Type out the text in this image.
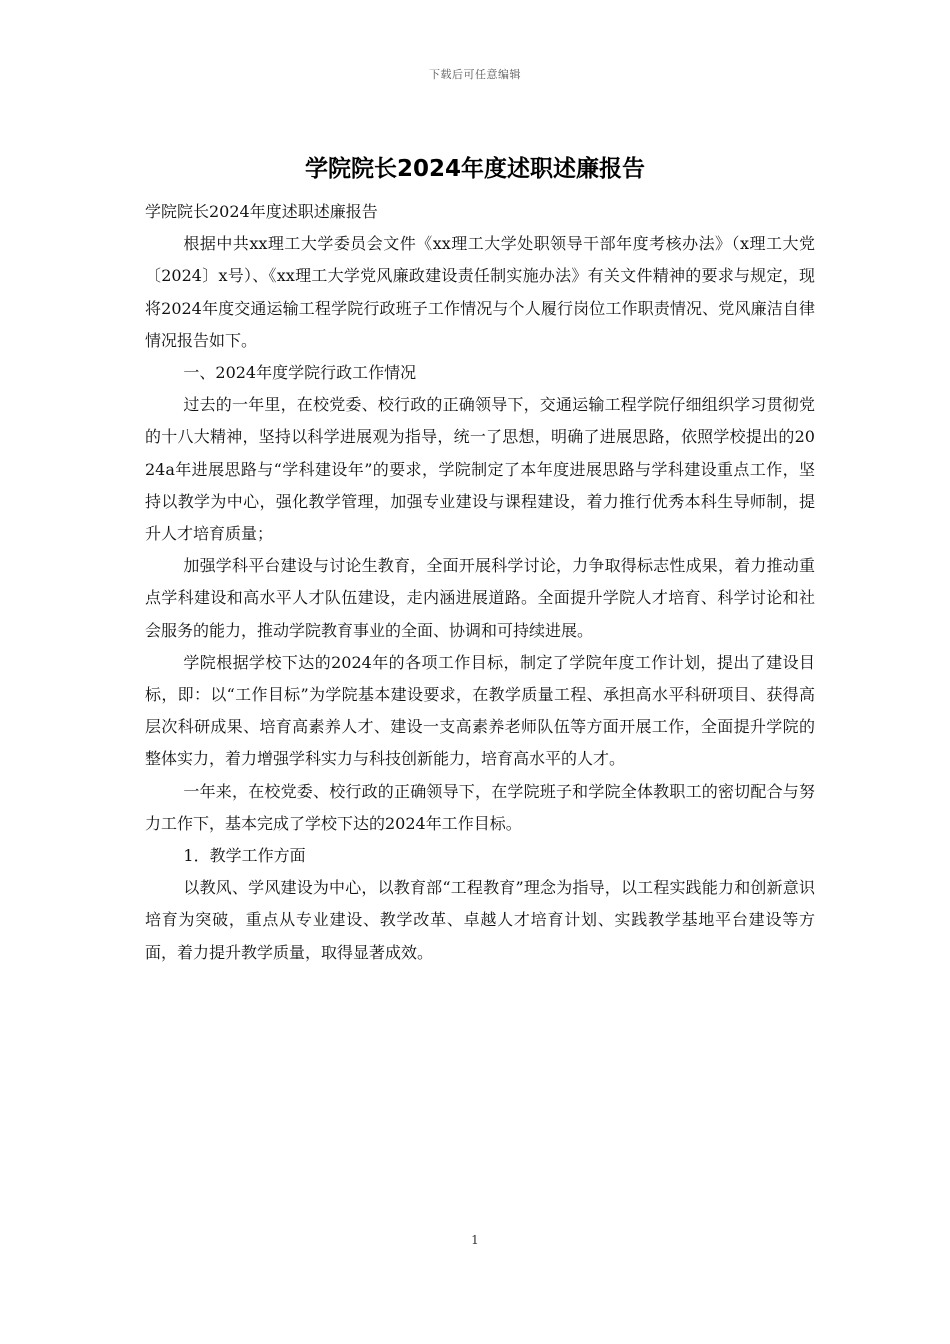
下载后可任意编辑
学院院长2024年度述职述廉报告

学院院长2024年度述职述廉报告

根据中共xx理工大学委员会文件《xx理工大学处职领导干部年度考核办法》（x理工大党〔2024〕x号）、《xx理工大学党风廉政建设责任制实施办法》有关文件精神的要求与规定，现将2024年度交通运输工程学院行政班子工作情况与个人履行岗位工作职责情况、党风廉洁自律情况报告如下。

一、2024年度学院行政工作情况

过去的一年里，在校党委、校行政的正确领导下，交通运输工程学院仔细组织学习贯彻党的十八大精神，坚持以科学进展观为指导，统一了思想，明确了进展思路，依照学校提出的2024a年进展思路与“学科建设年”的要求，学院制定了本年度进展思路与学科建设重点工作，坚持以教学为中心，强化教学管理，加强专业建设与课程建设，着力推行优秀本科生导师制，提升人才培育质量；

加强学科平台建设与讨论生教育，全面开展科学讨论，力争取得标志性成果，着力推动重点学科建设和高水平人才队伍建设，走内涵进展道路。全面提升学院人才培育、科学讨论和社会服务的能力，推动学院教育事业的全面、协调和可持续进展。

学院根据学校下达的2024年的各项工作目标，制定了学院年度工作计划，提出了建设目标，即：以“工作目标”为学院基本建设要求，在教学质量工程、承担高水平科研项目、获得高层次科研成果、培育高素养人才、建设一支高素养老师队伍等方面开展工作，全面提升学院的整体实力，着力增强学科实力与科技创新能力，培育高水平的人才。

一年来，在校党委、校行政的正确领导下，在学院班子和学院全体教职工的密切配合与努力工作下，基本完成了学校下达的2024年工作目标。

1．教学工作方面

以教风、学风建设为中心，以教育部“工程教育”理念为指导，以工程实践能力和创新意识培育为突破，重点从专业建设、教学改革、卓越人才培育计划、实践教学基地平台建设等方面，着力提升教学质量，取得显著成效。

1
